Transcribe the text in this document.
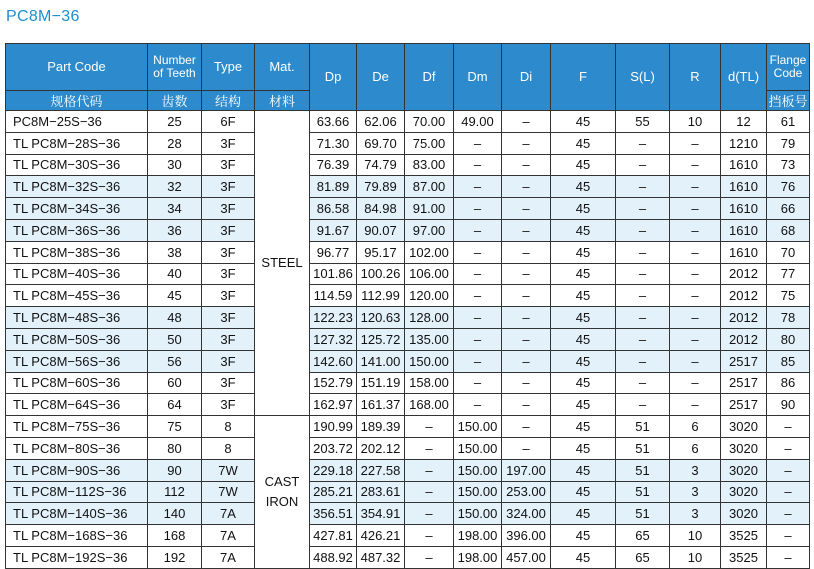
PC8M−36
Part Code	Number
of Teeth	Type	Mat.	Dp	De	Df	Dm	Di	F	S(L)	R	d(TL)	Flange
Code
规格代码	齿数	结构	材料										挡板号
PC8M−25S−36	25	6F	STEEL	63.66	62.06	70.00	49.00	–	45	55	10	12	61
TL PC8M−28S−36	28	3F		71.30	69.70	75.00	–	–	45	–	–	1210	79
TL PC8M−30S−36	30	3F		76.39	74.79	83.00	–	–	45	–	–	1610	73
TL PC8M−32S−36	32	3F		81.89	79.89	87.00	–	–	45	–	–	1610	76
TL PC8M−34S−36	34	3F		86.58	84.98	91.00	–	–	45	–	–	1610	66
TL PC8M−36S−36	36	3F		91.67	90.07	97.00	–	–	45	–	–	1610	68
TL PC8M−38S−36	38	3F		96.77	95.17	102.00	–	–	45	–	–	1610	70
TL PC8M−40S−36	40	3F		101.86	100.26	106.00	–	–	45	–	–	2012	77
TL PC8M−45S−36	45	3F		114.59	112.99	120.00	–	–	45	–	–	2012	75
TL PC8M−48S−36	48	3F		122.23	120.63	128.00	–	–	45	–	–	2012	78
TL PC8M−50S−36	50	3F		127.32	125.72	135.00	–	–	45	–	–	2012	80
TL PC8M−56S−36	56	3F		142.60	141.00	150.00	–	–	45	–	–	2517	85
TL PC8M−60S−36	60	3F		152.79	151.19	158.00	–	–	45	–	–	2517	86
TL PC8M−64S−36	64	3F		162.97	161.37	168.00	–	–	45	–	–	2517	90
TL PC8M−75S−36	75	8	CAST
IRON	190.99	189.39	–	150.00	–	45	51	6	3020	–
TL PC8M−80S−36	80	8		203.72	202.12	–	150.00	–	45	51	6	3020	–
TL PC8M−90S−36	90	7W		229.18	227.58	–	150.00	197.00	45	51	3	3020	–
TL PC8M−112S−36	112	7W		285.21	283.61	–	150.00	253.00	45	51	3	3020	–
TL PC8M−140S−36	140	7A		356.51	354.91	–	150.00	324.00	45	51	3	3020	–
TL PC8M−168S−36	168	7A		427.81	426.21	–	198.00	396.00	45	65	10	3525	–
TL PC8M−192S−36	192	7A		488.92	487.32	–	198.00	457.00	45	65	10	3525	–
